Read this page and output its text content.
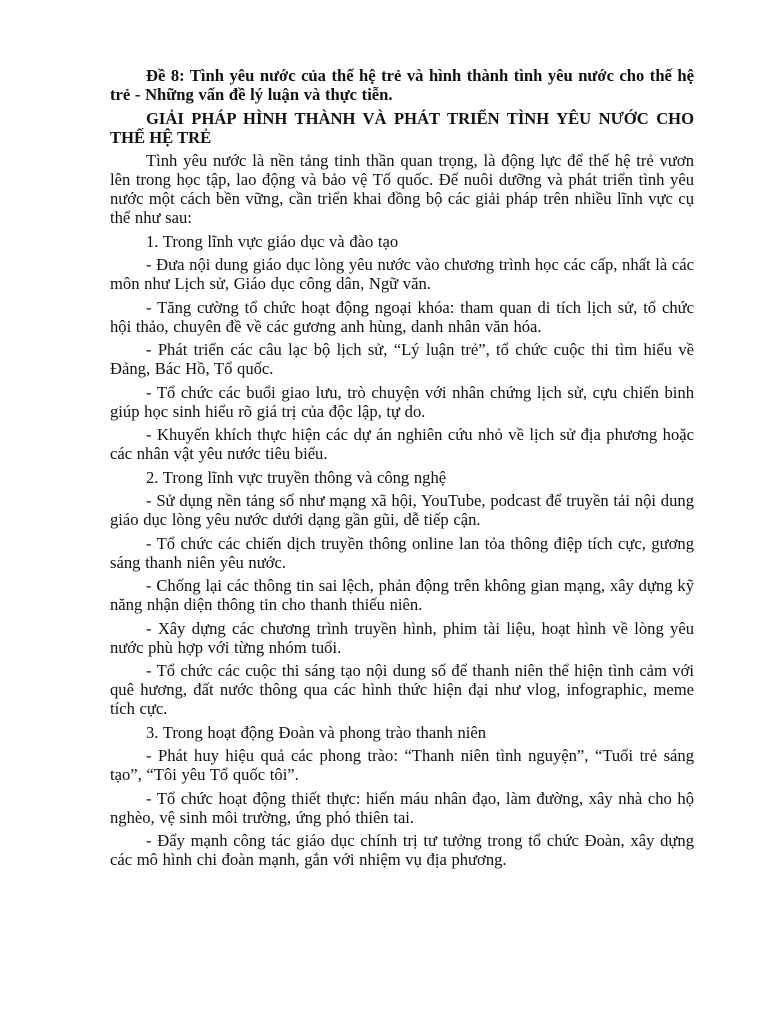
Đề 8: Tình yêu nước của thế hệ trẻ và hình thành tình yêu nước cho thế hệ trẻ - Những vấn đề lý luận và thực tiễn.

GIẢI PHÁP HÌNH THÀNH VÀ PHÁT TRIỂN TÌNH YÊU NƯỚC CHO THẾ HỆ TRẺ

Tình yêu nước là nền tảng tinh thần quan trọng, là động lực để thế hệ trẻ vươn lên trong học tập, lao động và bảo vệ Tổ quốc. Để nuôi dưỡng và phát triển tình yêu nước một cách bền vững, cần triển khai đồng bộ các giải pháp trên nhiều lĩnh vực cụ thể như sau:

1. Trong lĩnh vực giáo dục và đào tạo

- Đưa nội dung giáo dục lòng yêu nước vào chương trình học các cấp, nhất là các môn như Lịch sử, Giáo dục công dân, Ngữ văn.

- Tăng cường tổ chức hoạt động ngoại khóa: tham quan di tích lịch sử, tổ chức hội thảo, chuyên đề về các gương anh hùng, danh nhân văn hóa.

- Phát triển các câu lạc bộ lịch sử, “Lý luận trẻ”, tổ chức cuộc thi tìm hiểu về Đảng, Bác Hồ, Tổ quốc.

- Tổ chức các buổi giao lưu, trò chuyện với nhân chứng lịch sử, cựu chiến binh giúp học sinh hiểu rõ giá trị của độc lập, tự do.

- Khuyến khích thực hiện các dự án nghiên cứu nhỏ về lịch sử địa phương hoặc các nhân vật yêu nước tiêu biểu.

2. Trong lĩnh vực truyền thông và công nghệ

- Sử dụng nền tảng số như mạng xã hội, YouTube, podcast để truyền tải nội dung giáo dục lòng yêu nước dưới dạng gần gũi, dễ tiếp cận.

- Tổ chức các chiến dịch truyền thông online lan tỏa thông điệp tích cực, gương sáng thanh niên yêu nước.

- Chống lại các thông tin sai lệch, phản động trên không gian mạng, xây dựng kỹ năng nhận diện thông tin cho thanh thiếu niên.

- Xây dựng các chương trình truyền hình, phim tài liệu, hoạt hình về lòng yêu nước phù hợp với từng nhóm tuổi.

- Tổ chức các cuộc thi sáng tạo nội dung số để thanh niên thể hiện tình cảm với quê hương, đất nước thông qua các hình thức hiện đại như vlog, infographic, meme tích cực.

3. Trong hoạt động Đoàn và phong trào thanh niên

- Phát huy hiệu quả các phong trào: “Thanh niên tình nguyện”, “Tuổi trẻ sáng tạo”, “Tôi yêu Tổ quốc tôi”.

- Tổ chức hoạt động thiết thực: hiến máu nhân đạo, làm đường, xây nhà cho hộ nghèo, vệ sinh môi trường, ứng phó thiên tai.

- Đẩy mạnh công tác giáo dục chính trị tư tưởng trong tổ chức Đoàn, xây dựng các mô hình chi đoàn mạnh, gắn với nhiệm vụ địa phương.
